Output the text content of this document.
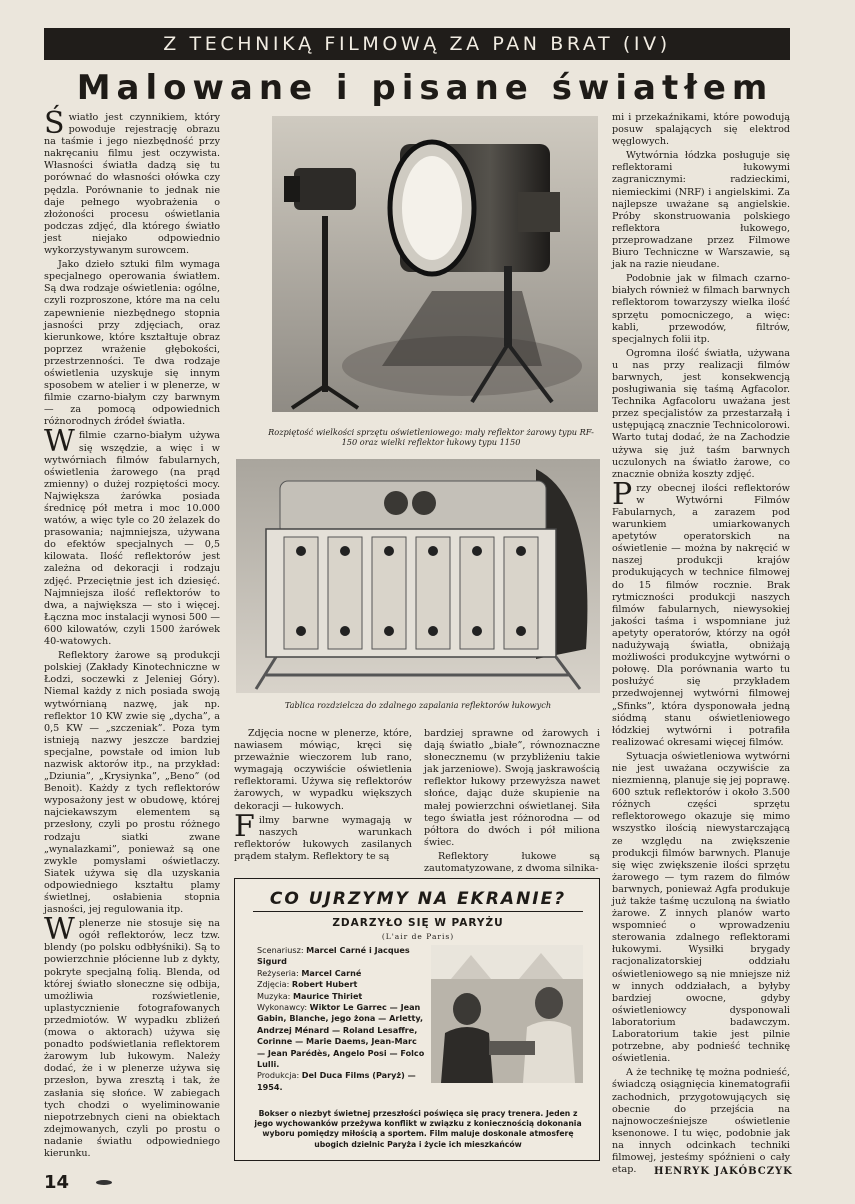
Z TECHNIKĄ FILMOWĄ ZA PAN BRAT (IV)
Malowane i pisane światłem

Światło jest czynnikiem, który powoduje rejestrację obrazu na taśmie i jego niezbędność przy nakręcaniu filmu jest oczywista. Własności światła dadzą się tu porównać do własności ołówka czy pędzla. Porównanie to jednak nie daje pełnego wyobrażenia o złożoności procesu oświetlania podczas zdjęć, dla którego światło jest niejako odpowiednio wykorzystywanym surowcem.

Jako dzieło sztuki film wymaga specjalnego operowania światłem. Są dwa rodzaje oświetlenia: ogólne, czyli rozproszone, które ma na celu zapewnienie niezbędnego stopnia jasności przy zdjęciach, oraz kierunkowe, które kształtuje obraz poprzez wrażenie głębokości, przestrzenności. Te dwa rodzaje oświetlenia uzyskuje się innym sposobem w atelier i w plenerze, w filmie czarno-białym czy barwnym — za pomocą odpowiednich różnorodnych źródeł światła.

Wfilmie czarno-białym używa się wszędzie, a więc i w wytwórniach filmów fabularnych, oświetlenia żarowego (na prąd zmienny) o dużej rozpiętości mocy. Największa żarówka posiada średnicę pół metra i moc 10.000 watów, a więc tyle co 20 żelazek do prasowania; najmniejsza, używana do efektów specjalnych — 0,5 kilowata. Ilość reflektorów jest zależna od dekoracji i rodzaju zdjęć. Przeciętnie jest ich dziesięć. Najmniejsza ilość reflektorów to dwa, a największa — sto i więcej. Łączna moc instalacji wynosi 500 — 600 kilowatów, czyli 1500 żarówek 40-watowych.

Reflektory żarowe są produkcji polskiej (Zakłady Kinotechniczne w Łodzi, soczewki z Jeleniej Góry). Niemal każdy z nich posiada swoją wytwórnianą nazwę, jak np. reflektor 10 KW zwie się „dycha”, a 0,5 KW — „szczeniak”. Poza tym istnieją nazwy jeszcze bardziej specjalne, powstałe od imion lub nazwisk aktorów itp., na przykład: „Dziunia”, „Krysiynka”, „Beno” (od Benoit). Każdy z tych reflektorów wyposażony jest w obudowę, której najciekawszym elementem są przesłony, czyli po prostu różnego rodzaju siatki zwane „wynalazkami”, ponieważ są one zwykle pomysłami oświetlaczy. Siatek używa się dla uzyskania odpowiedniego kształtu plamy świetlnej, osłabienia stopnia jasności, jej regulowania itp.

Wplenerze nie stosuje się na ogół reflektorów, lecz tzw. blendy (po polsku odbłyśniki). Są to powierzchnie płócienne lub z dykty, pokryte specjalną folią. Blenda, od której światło słoneczne się odbija, umożliwia rozświetlenie, uplastycznienie fotografowanych przedmiotów. W wypadku zbliżeń (mowa o aktorach) używa się ponadto podświetlania reflektorem żarowym lub łukowym. Należy dodać, że i w plenerze używa się przesłon, bywa zresztą i tak, że zasłania się słońce. W zabiegach tych chodzi o wyeliminowanie niepotrzebnych cieni na obiektach zdejmowanych, czyli po prostu o nadanie światłu odpowiedniego kierunku.

Rozpiętość wielkości sprzętu oświetleniowego: mały reflektor żarowy typu RF-150 oraz wielki reflektor łukowy typu 1150
Tablica rozdzielcza do zdalnego zapalania reflektorów łukowych

Zdjęcia nocne w plenerze, które, nawiasem mówiąc, kręci się przeważnie wieczorem lub rano, wymagają oczywiście oświetlenia reflektorami. Używa się reflektorów żarowych, w wypadku większych dekoracji — łukowych.

Filmy barwne wymagają w naszych warunkach reflektorów łukowych zasilanych prądem stałym. Reflektory te są

bardziej sprawne od żarowych i dają światło „białe”, równoznaczne słonecznemu (w przybliżeniu takie jak jarzeniowe). Swoją jaskrawością reflektor łukowy przewyższa nawet słońce, dając duże skupienie na małej powierzchni oświetlanej. Siła tego światła jest różnorodna — od półtora do dwóch i pół miliona świec.

Reflektory łukowe są zautomatyzowane, z dwoma silnika-

CO UJRZYMY NA EKRANIE?
ZDARZYŁO SIĘ W PARYŻU
(L'air de Paris)
Scenariusz: Marcel Carné i Jacques Sigurd
Reżyseria: Marcel Carné
Zdjęcia: Robert Hubert
Muzyka: Maurice Thiriet
Wykonawcy: Wiktor Le Garrec — Jean Gabin, Blanche, jego żona — Arletty, Andrzej Ménard — Roland Lesaffre, Corinne — Marie Daems, Jean-Marc — Jean Parédès, Angelo Posi — Folco Lulli.
Produkcja: Del Duca Films (Paryż) — 1954.
Bokser o niezbyt świetnej przeszłości poświęca się pracy trenera. Jeden z jego wychowanków przeżywa konflikt w związku z koniecznością dokonania wyboru pomiędzy miłością a sportem. Film maluje doskonale atmosferę ubogich dzielnic Paryża i życie ich mieszkańców

mi i przekaźnikami, które powodują posuw spalających się elektrod węglowych.

Wytwórnia łódzka posługuje się reflektorami łukowymi zagranicznymi: radzieckimi, niemieckimi (NRF) i angielskimi. Za najlepsze uważane są angielskie. Próby skonstruowania polskiego reflektora łukowego, przeprowadzane przez Filmowe Biuro Techniczne w Warszawie, są jak na razie nieudane.

Podobnie jak w filmach czarno-białych również w filmach barwnych reflektorom towarzyszy wielka ilość sprzętu pomocniczego, a więc: kabli, przewodów, filtrów, specjalnych folii itp.

Ogromna ilość światła, używana u nas przy realizacji filmów barwnych, jest konsekwencją posługiwania się taśmą Agfacolor. Technika Agfacoloru uważana jest przez specjalistów za przestarzałą i ustępującą znacznie Technicolorowi. Warto tutaj dodać, że na Zachodzie używa się już taśm barwnych uczulonych na światło żarowe, co znacznie obniża koszty zdjęć.

Przy obecnej ilości reflektorów w Wytwórni Filmów Fabularnych, a zarazem pod warunkiem umiarkowanych apetytów operatorskich na oświetlenie — można by nakręcić w naszej produkcji krajów produkujących w technice filmowej do 15 filmów rocznie. Brak rytmiczności produkcji naszych filmów fabularnych, niewysokiej jakości taśma i wspomniane już apetyty operatorów, którzy na ogół nadużywają światła, obniżają możliwości produkcyjne wytwórni o połowę. Dla porównania warto tu posłużyć się przykładem przedwojennej wytwórni filmowej „Sfinks”, która dysponowała jedną siódmą stanu oświetleniowego łódzkiej wytwórni i potrafiła realizować okresami więcej filmów.

Sytuacja oświetleniowa wytwórni nie jest uważana oczywiście za niezmienną, planuje się jej poprawę. 600 sztuk reflektorów i około 3.500 różnych części sprzętu reflektorowego okazuje się mimo wszystko ilością niewystarczającą ze względu na zwiększenie produkcji filmów barwnych. Planuje się więc zwiększenie ilości sprzętu żarowego — tym razem do filmów barwnych, ponieważ Agfa produkuje już także taśmę uczuloną na światło żarowe. Z innych planów warto wspomnieć o wprowadzeniu sterowania zdalnego reflektorami łukowymi. Wysiłki brygady racjonalizatorskiej oddziału oświetleniowego są nie mniejsze niż w innych oddziałach, a byłyby bardziej owocne, gdyby oświetleniowcy dysponowali laboratorium badawczym. Laboratorium takie jest pilnie potrzebne, aby podnieść technikę oświetlenia.

A że technikę tę można podnieść, świadczą osiągnięcia kinematografii zachodnich, przygotowujących się obecnie do przejścia na najnowocześniejsze oświetlenie ksenonowe. I tu więc, podobnie jak na innych odcinkach techniki filmowej, jesteśmy spóźnieni o cały etap.	HENRYK JAKÓBCZYK
14
